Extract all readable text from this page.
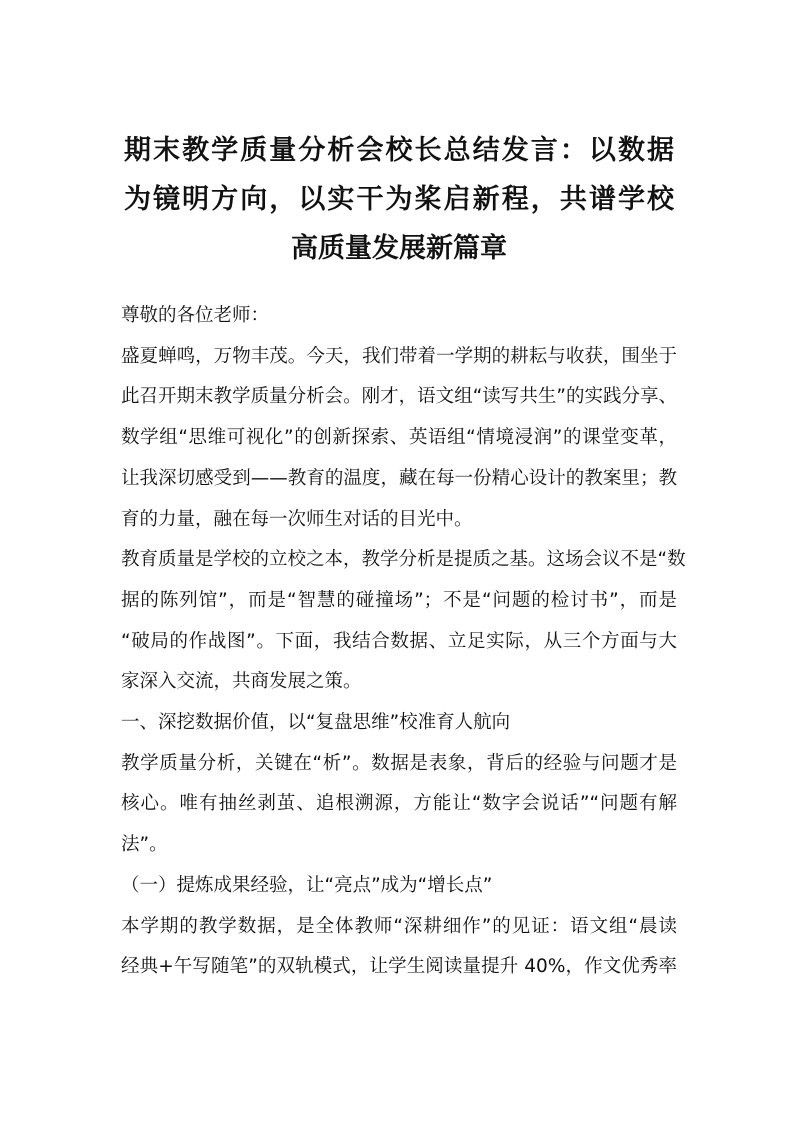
期末教学质量分析会校长总结发言：以数据
为镜明方向，以实干为桨启新程，共谱学校
高质量发展新篇章
尊敬的各位老师：
盛夏蝉鸣，万物丰茂。今天，我们带着一学期的耕耘与收获，围坐于
此召开期末教学质量分析会。刚才，语文组“读写共生”的实践分享、
数学组“思维可视化”的创新探索、英语组“情境浸润”的课堂变革，
让我深切感受到——教育的温度，藏在每一份精心设计的教案里；教
育的力量，融在每一次师生对话的目光中。
教育质量是学校的立校之本，教学分析是提质之基。这场会议不是“数
据的陈列馆”，而是“智慧的碰撞场”；不是“问题的检讨书”，而是
“破局的作战图”。下面，我结合数据、立足实际，从三个方面与大
家深入交流，共商发展之策。
一、深挖数据价值，以“复盘思维”校准育人航向
教学质量分析，关键在“析”。数据是表象，背后的经验与问题才是
核心。唯有抽丝剥茧、追根溯源，方能让“数字会说话”“问题有解
法”。
（一）提炼成果经验，让“亮点”成为“增长点”
本学期的教学数据，是全体教师“深耕细作”的见证：语文组“晨读
经典+午写随笔”的双轨模式，让学生阅读量提升 40%，作文优秀率
